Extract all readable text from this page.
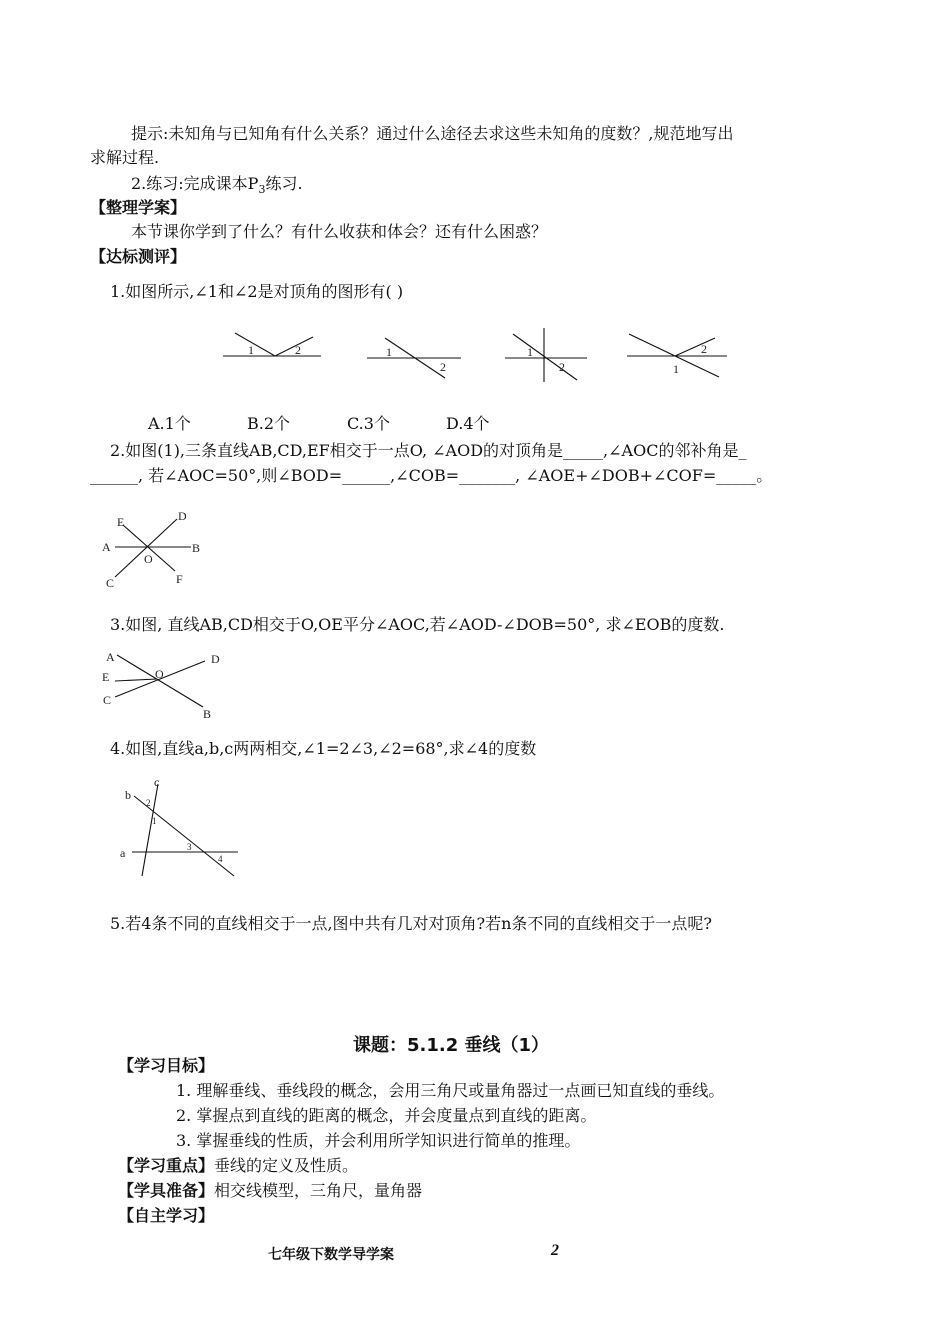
提示:未知角与已知角有什么关系？通过什么途径去求这些未知角的度数？,规范地写出
求解过程.
2.练习:完成课本$P_3$练习.
【整理学案】
本节课你学到了什么？有什么收获和体会？还有什么困惑？
【达标测评】
1.如图所示,∠1和∠2是对顶角的图形有( )
1	2	1
2
1
2
2
1
A.1个	B.2个	C.3个	D.4个
2.如图(1),三条直线AB,CD,EF相交于一点O, ∠AOD的对顶角是_____,∠AOC的邻补角是_
______, 若∠AOC=50°,则∠BOD=______,∠COB=_______, ∠AOE+∠DOB+∠COF=_____。
E	D
A	B
O
C	F
3.如图, 直线AB,CD相交于O,OE平分∠AOC,若∠AOD-∠DOB=50°, 求∠EOB的度数.
A	D
O
E
C
B
4.如图,直线a,b,c两两相交,∠1=2∠3,∠2=68°,求∠4的度数
c
b
2
1
a	3
4
5.若4条不同的直线相交于一点,图中共有几对对顶角?若n条不同的直线相交于一点呢?
课题：5.1.2 垂线（1）
【学习目标】
1. 理解垂线、垂线段的概念，会用三角尺或量角器过一点画已知直线的垂线。
2. 掌握点到直线的距离的概念，并会度量点到直线的距离。
3. 掌握垂线的性质，并会利用所学知识进行简单的推理。
【学习重点】垂线的定义及性质。
【学具准备】相交线模型，三角尺，量角器
【自主学习】
七年级下数学导学案	2
